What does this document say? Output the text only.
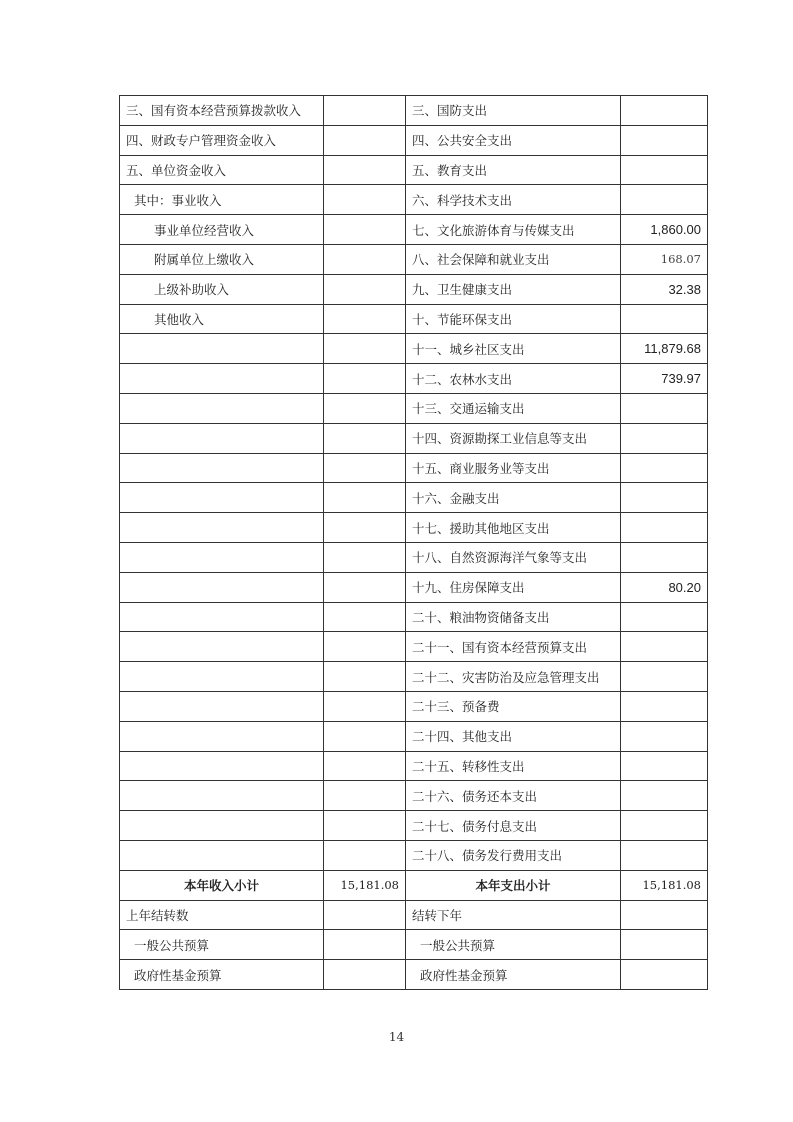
三、国有资本经营预算拨款收入		三、国防支出	
四、财政专户管理资金收入		四、公共安全支出	
五、单位资金收入		五、教育支出	
其中：事业收入		六、科学技术支出	
事业单位经营收入		七、文化旅游体育与传媒支出	1,860.00
附属单位上缴收入		八、社会保障和就业支出	168.07
上级补助收入		九、卫生健康支出	32.38
其他收入		十、节能环保支出	
		十一、城乡社区支出	11,879.68
		十二、农林水支出	739.97
		十三、交通运输支出	
		十四、资源勘探工业信息等支出	
		十五、商业服务业等支出	
		十六、金融支出	
		十七、援助其他地区支出	
		十八、自然资源海洋气象等支出	
		十九、住房保障支出	80.20
		二十、粮油物资储备支出	
		二十一、国有资本经营预算支出	
		二十二、灾害防治及应急管理支出	
		二十三、预备费	
		二十四、其他支出	
		二十五、转移性支出	
		二十六、债务还本支出	
		二十七、债务付息支出	
		二十八、债务发行费用支出	
本年收入小计	15,181.08	本年支出小计	15,181.08
上年结转数		结转下年	
一般公共预算		一般公共预算	
政府性基金预算		政府性基金预算	
14
